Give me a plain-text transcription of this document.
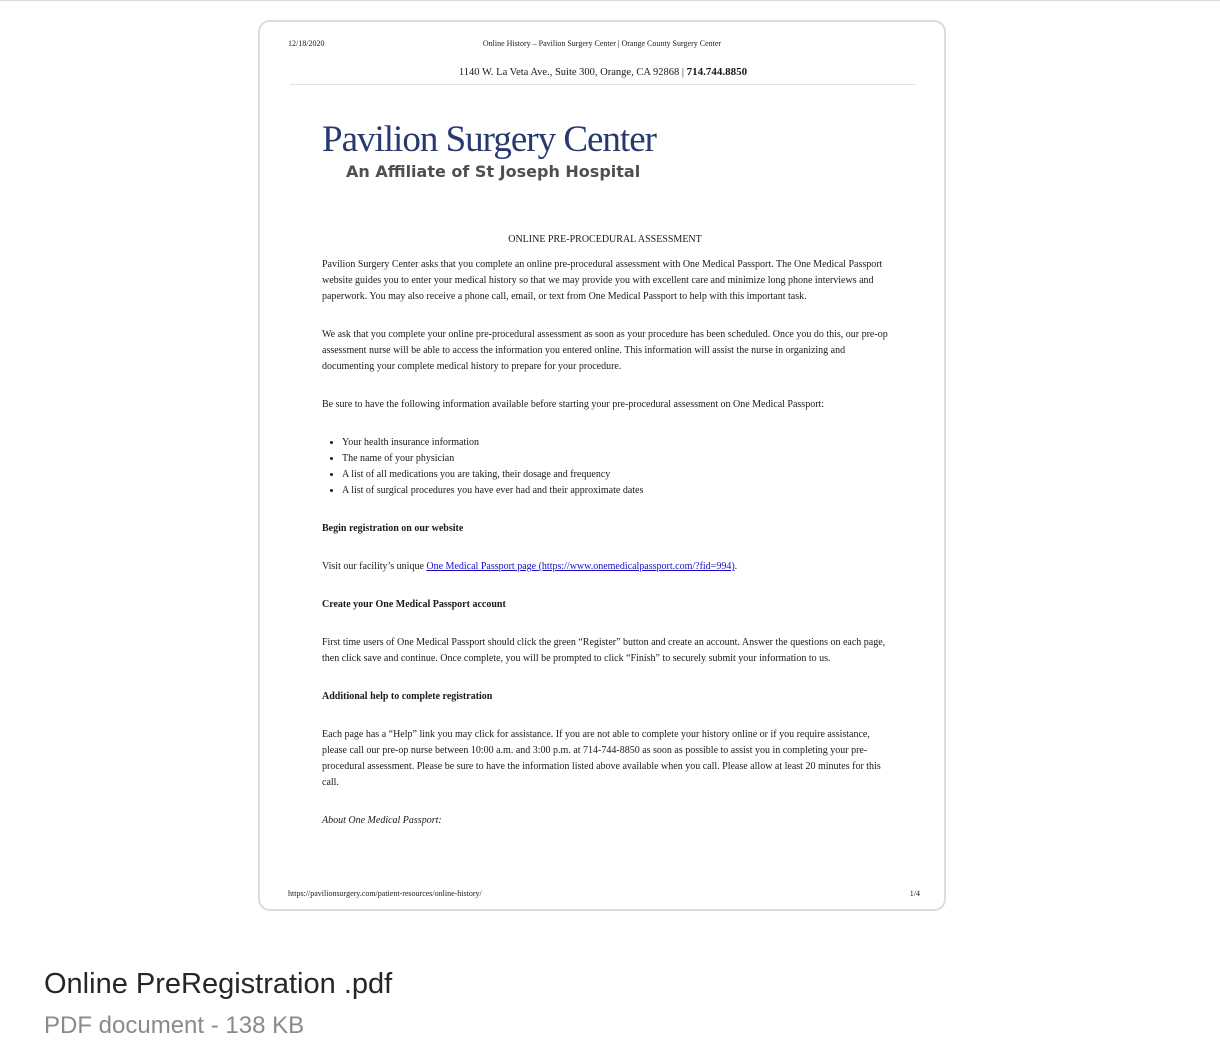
12/18/2020	Online History – Pavilion Surgery Center | Orange County Surgery Center
1140 W. La Veta Ave., Suite 300, Orange, CA 92868 | 714.744.8850
Pavilion Surgery Center
An Affiliate of St Joseph Hospital
ONLINE PRE-PROCEDURAL ASSESSMENT

Pavilion Surgery Center asks that you complete an online pre-procedural assessment with One Medical Passport. The One Medical Passport website guides you to enter your medical history so that we may provide you with excellent care and minimize long phone interviews and paperwork. You may also receive a phone call, email, or text from One Medical Passport to help with this important task.

We ask that you complete your online pre-procedural assessment as soon as your procedure has been scheduled. Once you do this, our pre-op assessment nurse will be able to access the information you entered online. This information will assist the nurse in organizing and documenting your complete medical history to prepare for your procedure.

Be sure to have the following information available before starting your pre-procedural assessment on One Medical Passport:

• Your health insurance information
• The name of your physician
• A list of all medications you are taking, their dosage and frequency
• A list of surgical procedures you have ever had and their approximate dates
Begin registration on our website

Visit our facility’s unique One Medical Passport page (https://www.onemedicalpassport.com/?fid=994).

Create your One Medical Passport account

First time users of One Medical Passport should click the green “Register” button and create an account. Answer the questions on each page, then click save and continue. Once complete, you will be prompted to click “Finish” to securely submit your information to us.

Additional help to complete registration

Each page has a “Help” link you may click for assistance. If you are not able to complete your history online or if you require assistance, please call our pre-op nurse between 10:00 a.m. and 3:00 p.m. at 714-744-8850 as soon as possible to assist you in completing your pre-procedural assessment. Please be sure to have the information listed above available when you call. Please allow at least 20 minutes for this call.

About One Medical Passport:

https://pavilionsurgery.com/patient-resources/online-history/	1/4
Online PreRegistration .pdf
PDF document - 138 KB
